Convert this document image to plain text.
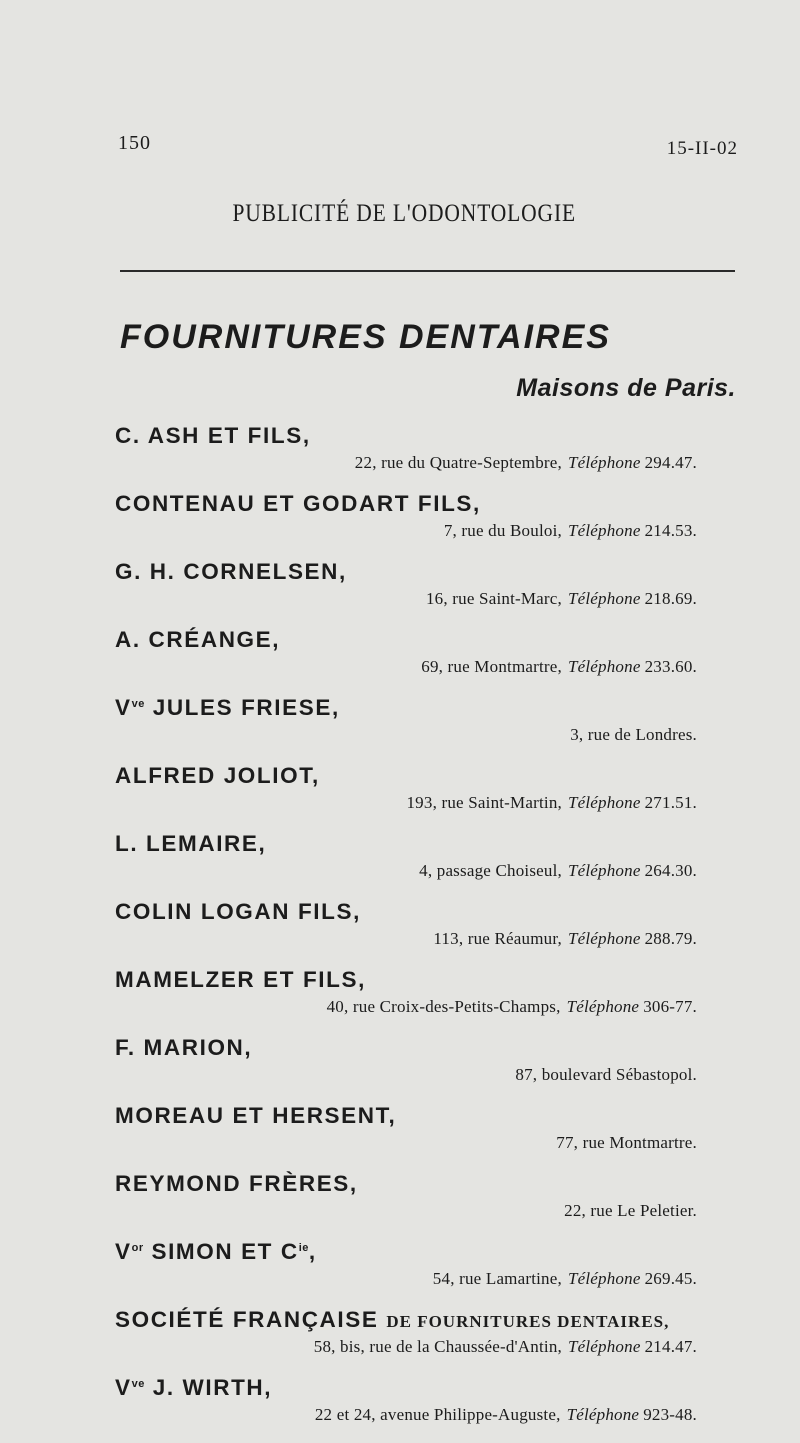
150	15-II-02
PUBLICITÉ DE L'ODONTOLOGIE
FOURNITURES DENTAIRES
Maisons de Paris.
C. ASH ET FILS,
22, rue du Quatre-Septembre, Téléphone 294.47.
CONTENAU ET GODART FILS,
7, rue du Bouloi, Téléphone 214.53.
G. H. CORNELSEN,
16, rue Saint-Marc, Téléphone 218.69.
A. CRÉANGE,
69, rue Montmartre, Téléphone 233.60.
$V^{ve}$ JULES FRIESE,
3, rue de Londres.
ALFRED JOLIOT,
193, rue Saint-Martin, Téléphone 271.51.
L. LEMAIRE,
4, passage Choiseul, Téléphone 264.30.
COLIN LOGAN FILS,
113, rue Réaumur, Téléphone 288.79.
MAMELZER ET FILS,
40, rue Croix-des-Petits-Champs, Téléphone 306-77.
F. MARION,
87, boulevard Sébastopol.
MOREAU ET HERSENT,
77, rue Montmartre.
REYMOND FRÈRES,
22, rue Le Peletier.
$V^{or}$ SIMON ET $C^{ie}$,
54, rue Lamartine, Téléphone 269.45.
SOCIÉTÉ FRANÇAISE DE FOURNITURES DENTAIRES,
58, bis, rue de la Chaussée-d'Antin, Téléphone 214.47.
$V^{ve}$ J. WIRTH,
22 et 24, avenue Philippe-Auguste, Téléphone 923-48.
